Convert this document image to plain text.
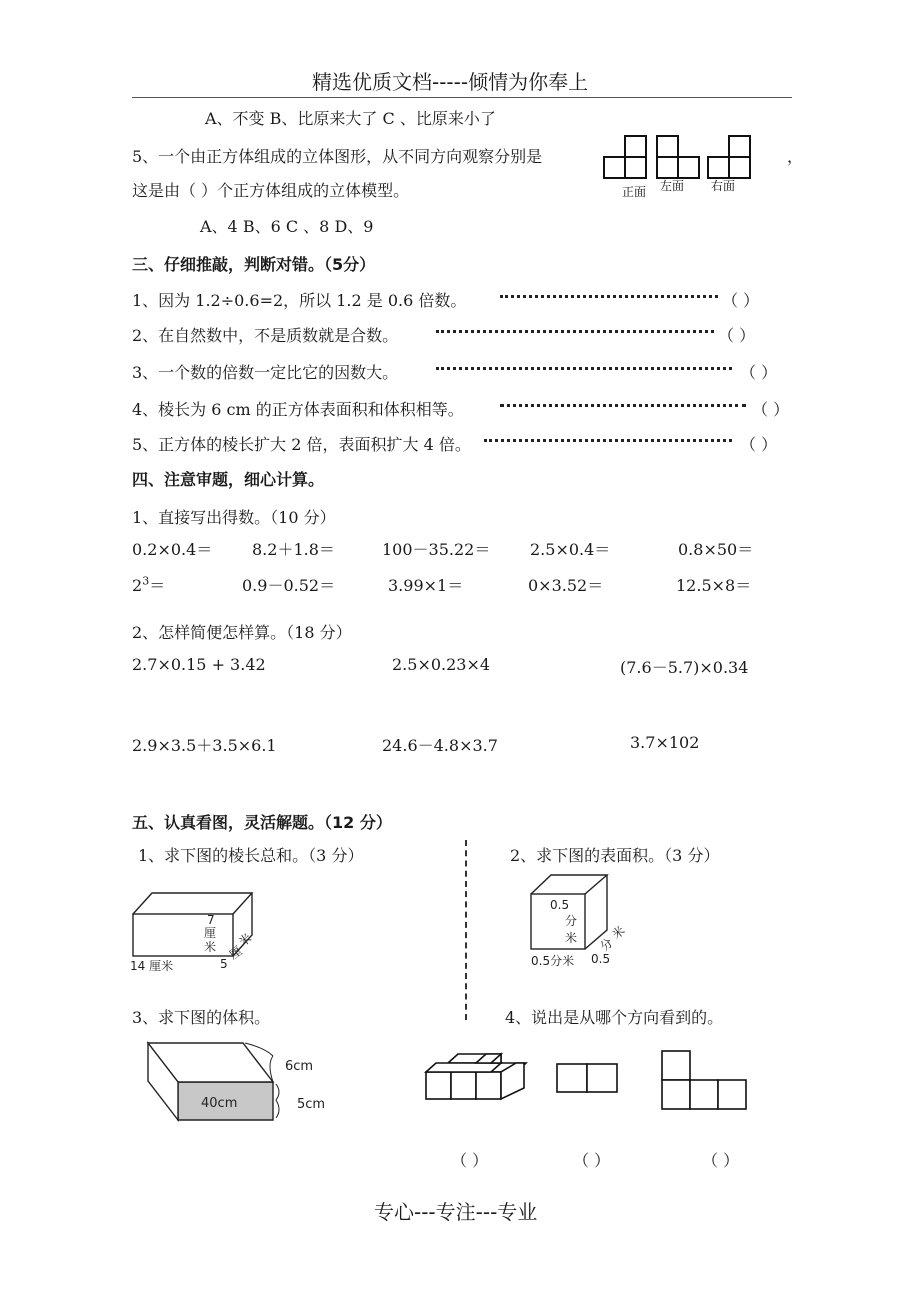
精选优质文档-----倾情为你奉上
A、不变 B、比原来大了 C 、比原来小了
5、一个由正方体组成的立体图形，从不同方向观察分别是	，
这是由（ ）个正方体组成的立体模型。
A、4 B、6 C 、8 D、9
正面 左面 右面
三、仔细推敲，判断对错。（5分）
1、因为 1.2÷0.6=2，所以 1.2 是 0.6 倍数。	（ ）
2、在自然数中，不是质数就是合数。	（ ）
3、一个数的倍数一定比它的因数大。	（ ）
4、棱长为 6 cm 的正方体表面积和体积相等。	（ ）
5、正方体的棱长扩大 2 倍，表面积扩大 4 倍。	（ ）
四、注意审题，细心计算。
1、直接写出得数。（10 分）
0.2×0.4＝ 8.2＋1.8＝	100－35.22＝ 2.5×0.4＝	0.8×50＝
$2^3=$	0.9－0.52＝	3.99×1＝	0×3.52＝	12.5×8＝
2、怎样简便怎样算。（18 分）
2.7×0.15 + 3.42	2.5×0.23×4	(7.6－5.7)×0.34
2.9×3.5＋3.5×6.1	24.6－4.8×3.7	3.7×102
五、认真看图，灵活解题。（12 分）
1、求下图的棱长总和。（3 分）	2、求下图的表面积。（3 分）
14 厘米
7
厘
米
5
厘
米
0.5
分
米
0.5分米 0.5
分
米
3、求下图的体积。	4、说出是从哪个方向看到的。
40cm
6cm
5cm
（ ）	（ ）	（ ）
专心---专注---专业
